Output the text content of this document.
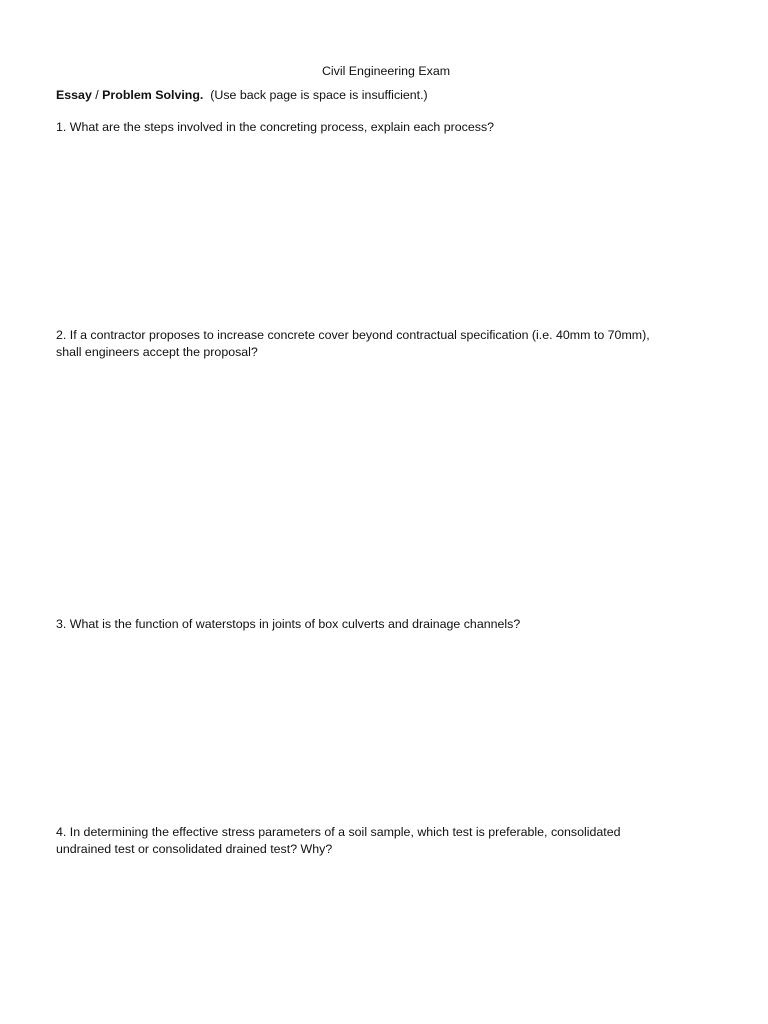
Civil Engineering Exam
Essay / Problem Solving. (Use back page is space is insufficient.)
1. What are the steps involved in the concreting process, explain each process?
2. If a contractor proposes to increase concrete cover beyond contractual specification (i.e. 40mm to 70mm),
shall engineers accept the proposal?
3. What is the function of waterstops in joints of box culverts and drainage channels?
4. In determining the effective stress parameters of a soil sample, which test is preferable, consolidated
undrained test or consolidated drained test? Why?
